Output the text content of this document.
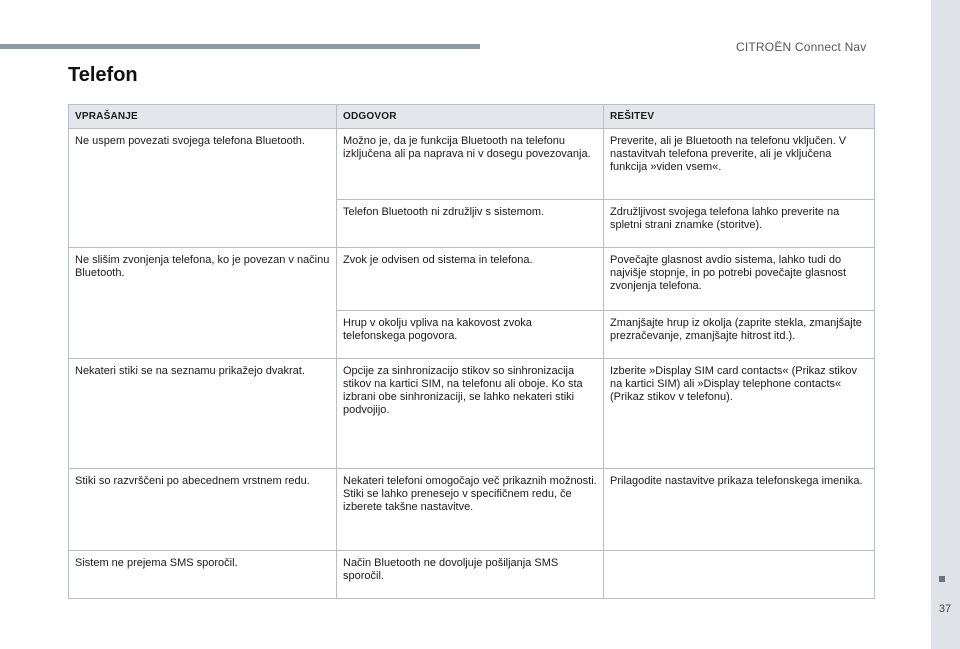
CITROËN Connect Nav
37
Telefon
VPRAŠANJE	ODGOVOR	REŠITEV
Ne uspem povezati svojega telefona Bluetooth.	Možno je, da je funkcija Bluetooth na telefonu izključena ali pa naprava ni v dosegu povezovanja.	Preverite, ali je Bluetooth na telefonu vključen. V nastavitvah telefona preverite, ali je vključena funkcija »viden vsem«.
	Telefon Bluetooth ni združljiv s sistemom.	Združljivost svojega telefona lahko preverite na spletni strani znamke (storitve).
Ne slišim zvonjenja telefona, ko je povezan v načinu Bluetooth.	Zvok je odvisen od sistema in telefona.	Povečajte glasnost avdio sistema, lahko tudi do najvišje stopnje, in po potrebi povečajte glasnost zvonjenja telefona.
	Hrup v okolju vpliva na kakovost zvoka telefonskega pogovora.	Zmanjšajte hrup iz okolja (zaprite stekla, zmanjšajte prezračevanje, zmanjšajte hitrost itd.).
Nekateri stiki se na seznamu prikažejo dvakrat.	Opcije za sinhronizacijo stikov so sinhronizacija stikov na kartici SIM, na telefonu ali oboje. Ko sta izbrani obe sinhronizaciji, se lahko nekateri stiki podvojijo.	Izberite »Display SIM card contacts« (Prikaz stikov na kartici SIM) ali »Display telephone contacts« (Prikaz stikov v telefonu).
Stiki so razvrščeni po abecednem vrstnem redu.	Nekateri telefoni omogočajo več prikaznih možnosti. Stiki se lahko prenesejo v specifičnem redu, če izberete takšne nastavitve.	Prilagodite nastavitve prikaza telefonskega imenika.
Sistem ne prejema SMS sporočil.	Način Bluetooth ne dovoljuje pošiljanja SMS sporočil.	
